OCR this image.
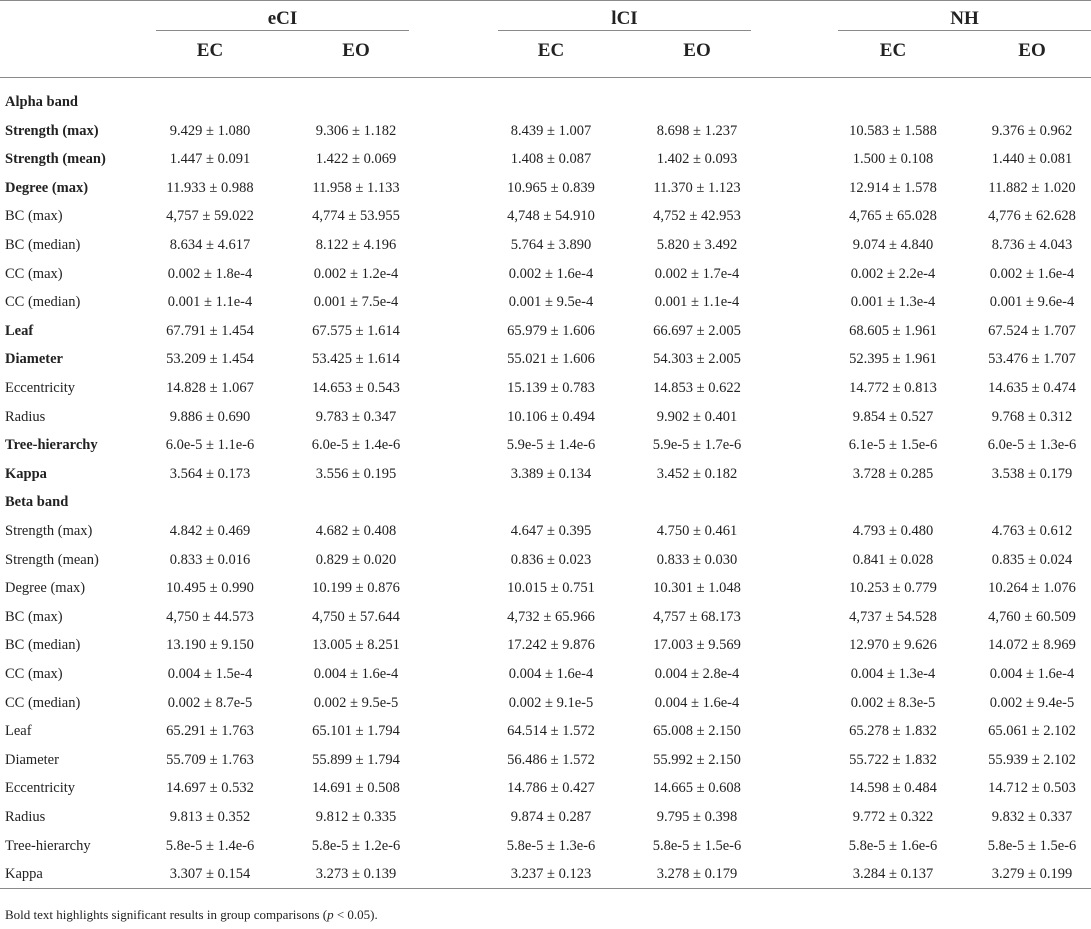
eCI	lCI	NH
EC	EO	EC	EO	EC	EO
Alpha band
Strength (max)	9.429 ± 1.080	9.306 ± 1.182	8.439 ± 1.007	8.698 ± 1.237	10.583 ± 1.588	9.376 ± 0.962
Strength (mean)	1.447 ± 0.091	1.422 ± 0.069	1.408 ± 0.087	1.402 ± 0.093	1.500 ± 0.108	1.440 ± 0.081
Degree (max)	11.933 ± 0.988	11.958 ± 1.133	10.965 ± 0.839	11.370 ± 1.123	12.914 ± 1.578	11.882 ± 1.020
BC (max)	4,757 ± 59.022	4,774 ± 53.955	4,748 ± 54.910	4,752 ± 42.953	4,765 ± 65.028	4,776 ± 62.628
BC (median)	8.634 ± 4.617	8.122 ± 4.196	5.764 ± 3.890	5.820 ± 3.492	9.074 ± 4.840	8.736 ± 4.043
CC (max)	0.002 ± 1.8e-4	0.002 ± 1.2e-4	0.002 ± 1.6e-4	0.002 ± 1.7e-4	0.002 ± 2.2e-4	0.002 ± 1.6e-4
CC (median)	0.001 ± 1.1e-4	0.001 ± 7.5e-4	0.001 ± 9.5e-4	0.001 ± 1.1e-4	0.001 ± 1.3e-4	0.001 ± 9.6e-4
Leaf	67.791 ± 1.454	67.575 ± 1.614	65.979 ± 1.606	66.697 ± 2.005	68.605 ± 1.961	67.524 ± 1.707
Diameter	53.209 ± 1.454	53.425 ± 1.614	55.021 ± 1.606	54.303 ± 2.005	52.395 ± 1.961	53.476 ± 1.707
Eccentricity	14.828 ± 1.067	14.653 ± 0.543	15.139 ± 0.783	14.853 ± 0.622	14.772 ± 0.813	14.635 ± 0.474
Radius	9.886 ± 0.690	9.783 ± 0.347	10.106 ± 0.494	9.902 ± 0.401	9.854 ± 0.527	9.768 ± 0.312
Tree-hierarchy	6.0e-5 ± 1.1e-6	6.0e-5 ± 1.4e-6	5.9e-5 ± 1.4e-6	5.9e-5 ± 1.7e-6	6.1e-5 ± 1.5e-6	6.0e-5 ± 1.3e-6
Kappa	3.564 ± 0.173	3.556 ± 0.195	3.389 ± 0.134	3.452 ± 0.182	3.728 ± 0.285	3.538 ± 0.179
Beta band
Strength (max)	4.842 ± 0.469	4.682 ± 0.408	4.647 ± 0.395	4.750 ± 0.461	4.793 ± 0.480	4.763 ± 0.612
Strength (mean)	0.833 ± 0.016	0.829 ± 0.020	0.836 ± 0.023	0.833 ± 0.030	0.841 ± 0.028	0.835 ± 0.024
Degree (max)	10.495 ± 0.990	10.199 ± 0.876	10.015 ± 0.751	10.301 ± 1.048	10.253 ± 0.779	10.264 ± 1.076
BC (max)	4,750 ± 44.573	4,750 ± 57.644	4,732 ± 65.966	4,757 ± 68.173	4,737 ± 54.528	4,760 ± 60.509
BC (median)	13.190 ± 9.150	13.005 ± 8.251	17.242 ± 9.876	17.003 ± 9.569	12.970 ± 9.626	14.072 ± 8.969
CC (max)	0.004 ± 1.5e-4	0.004 ± 1.6e-4	0.004 ± 1.6e-4	0.004 ± 2.8e-4	0.004 ± 1.3e-4	0.004 ± 1.6e-4
CC (median)	0.002 ± 8.7e-5	0.002 ± 9.5e-5	0.002 ± 9.1e-5	0.004 ± 1.6e-4	0.002 ± 8.3e-5	0.002 ± 9.4e-5
Leaf	65.291 ± 1.763	65.101 ± 1.794	64.514 ± 1.572	65.008 ± 2.150	65.278 ± 1.832	65.061 ± 2.102
Diameter	55.709 ± 1.763	55.899 ± 1.794	56.486 ± 1.572	55.992 ± 2.150	55.722 ± 1.832	55.939 ± 2.102
Eccentricity	14.697 ± 0.532	14.691 ± 0.508	14.786 ± 0.427	14.665 ± 0.608	14.598 ± 0.484	14.712 ± 0.503
Radius	9.813 ± 0.352	9.812 ± 0.335	9.874 ± 0.287	9.795 ± 0.398	9.772 ± 0.322	9.832 ± 0.337
Tree-hierarchy	5.8e-5 ± 1.4e-6	5.8e-5 ± 1.2e-6	5.8e-5 ± 1.3e-6	5.8e-5 ± 1.5e-6	5.8e-5 ± 1.6e-6	5.8e-5 ± 1.5e-6
Kappa	3.307 ± 0.154	3.273 ± 0.139	3.237 ± 0.123	3.278 ± 0.179	3.284 ± 0.137	3.279 ± 0.199
Bold text highlights significant results in group comparisons (p < 0.05).
